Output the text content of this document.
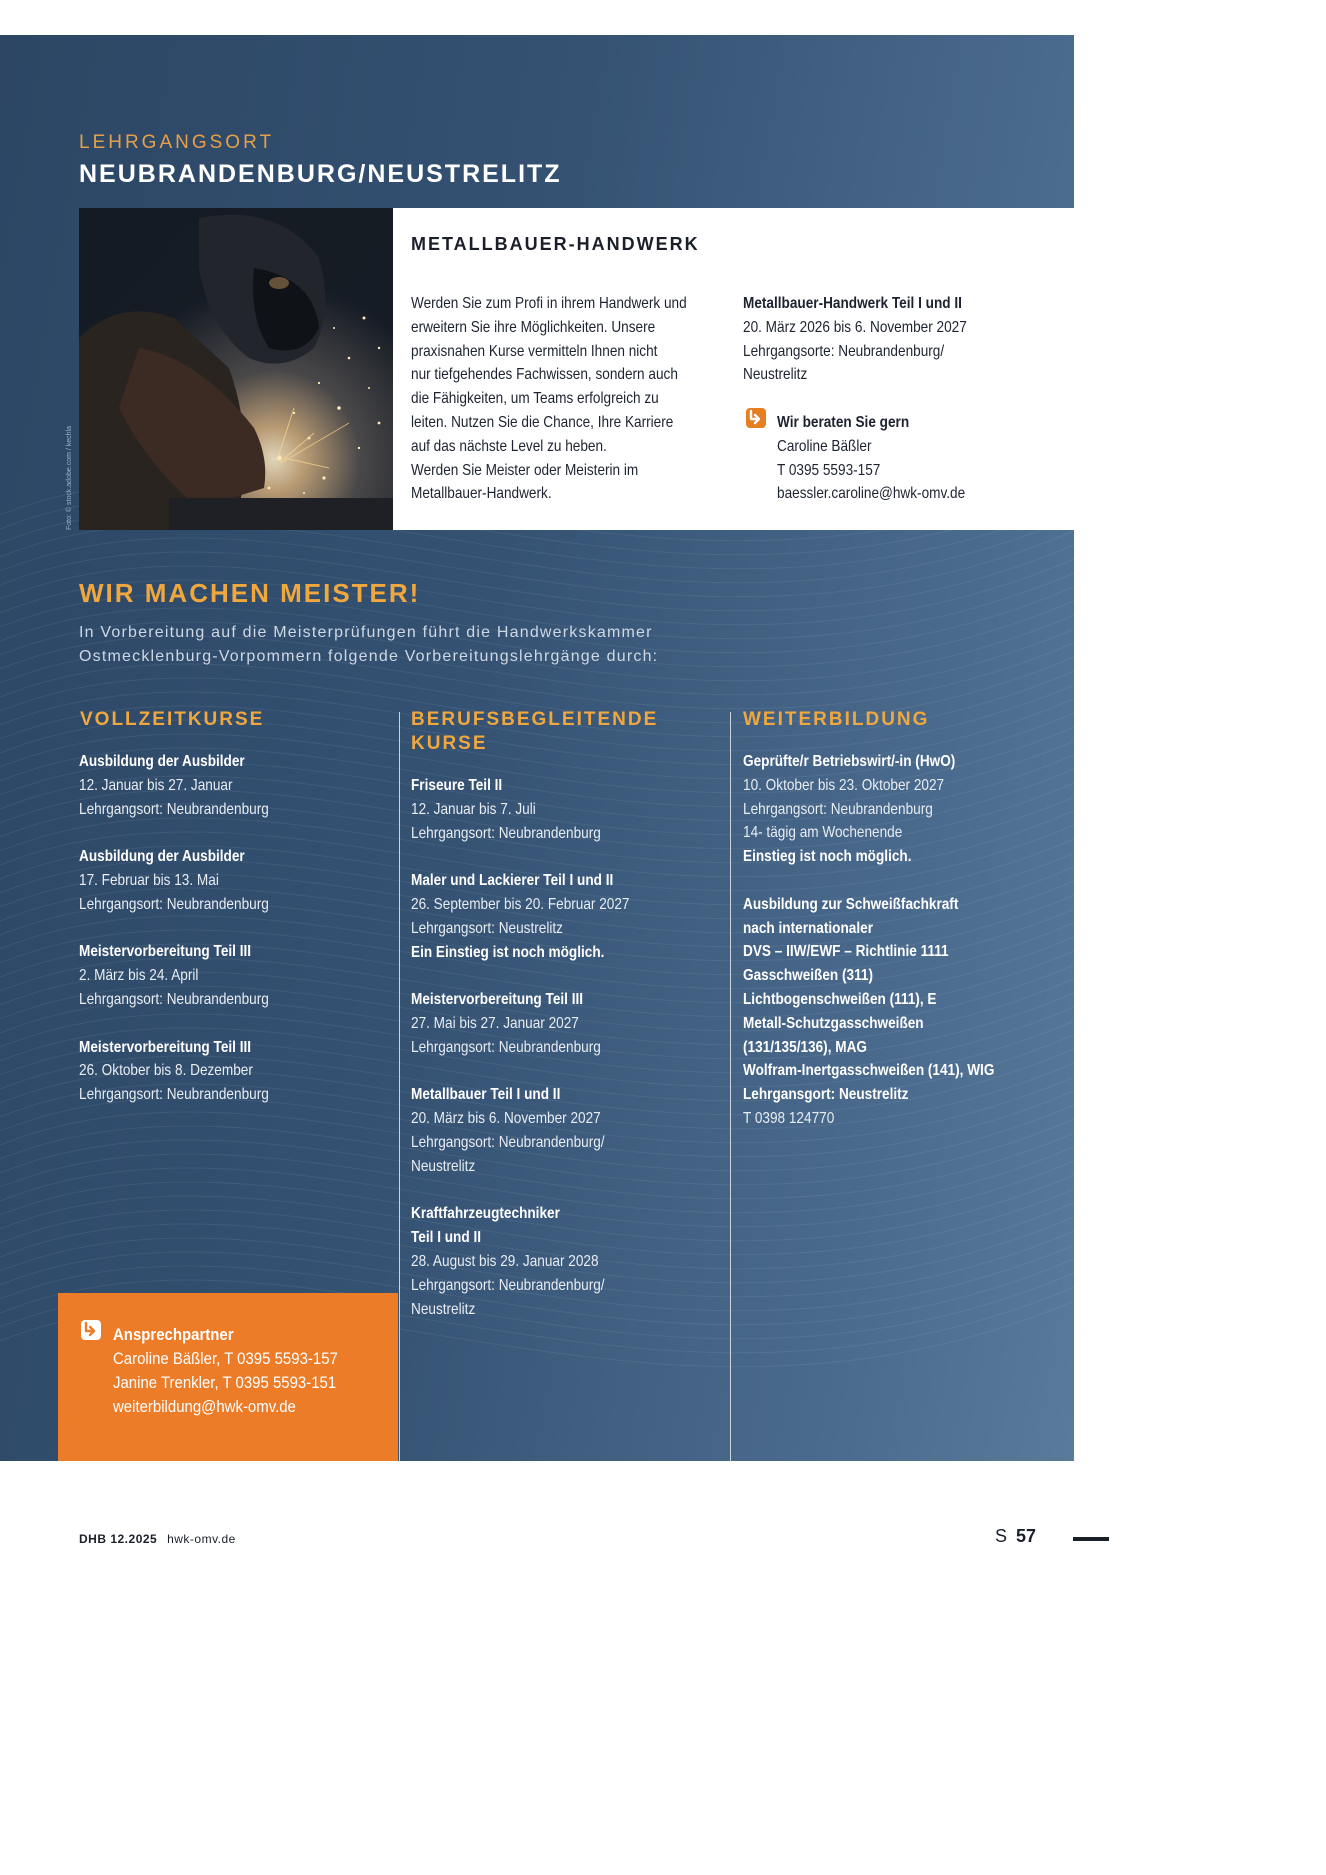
LEHRGANGSORT
NEUBRANDENBURG/NEUSTRELITZ
Foto: © stock.adobe.com / kechla
METALLBAUER-HANDWERK
Werden Sie zum Profi in ihrem Handwerk und
erweitern Sie ihre Möglichkeiten. Unsere
praxisnahen Kurse vermitteln Ihnen nicht
nur tiefgehendes Fachwissen, sondern auch
die Fähigkeiten, um Teams erfolgreich zu
leiten. Nutzen Sie die Chance, Ihre Karriere
auf das nächste Level zu heben.
Werden Sie Meister oder Meisterin im
Metallbauer-Handwerk.
Metallbauer-Handwerk Teil I und II
20. März 2026 bis 6. November 2027
Lehrgangsorte: Neubrandenburg/
Neustrelitz
Wir beraten Sie gern
Caroline Bäßler
T 0395 5593-157
baessler.caroline@hwk-omv.de
WIR MACHEN MEISTER!
In Vorbereitung auf die Meisterprüfungen führt die Handwerkskammer
Ostmecklenburg-Vorpommern folgende Vorbereitungslehrgänge durch:
VOLLZEITKURSE
Ausbildung der Ausbilder
12. Januar bis 27. Januar
Lehrgangsort: Neubrandenburg
Ausbildung der Ausbilder
17. Februar bis 13. Mai
Lehrgangsort: Neubrandenburg
Meistervorbereitung Teil III
2. März bis 24. April
Lehrgangsort: Neubrandenburg
Meistervorbereitung Teil III
26. Oktober bis 8. Dezember
Lehrgangsort: Neubrandenburg
BERUFSBEGLEITENDE
KURSE
Friseure Teil II
12. Januar bis 7. Juli
Lehrgangsort: Neubrandenburg
Maler und Lackierer Teil I und II
26. September bis 20. Februar 2027
Lehrgangsort: Neustrelitz
Ein Einstieg ist noch möglich.
Meistervorbereitung Teil III
27. Mai bis 27. Januar 2027
Lehrgangsort: Neubrandenburg
Metallbauer Teil I und II
20. März bis 6. November 2027
Lehrgangsort: Neubrandenburg/
Neustrelitz
Kraftfahrzeugtechniker
Teil I und II
28. August bis 29. Januar 2028
Lehrgangsort: Neubrandenburg/
Neustrelitz
WEITERBILDUNG
Geprüfte/r Betriebswirt/-in (HwO)
10. Oktober bis 23. Oktober 2027
Lehrgangsort: Neubrandenburg
14- tägig am Wochenende
Einstieg ist noch möglich.
Ausbildung zur Schweißfachkraft
nach internationaler
DVS – IIW/EWF – Richtlinie 1111
Gasschweißen (311)
Lichtbogenschweißen (111), E
Metall-Schutzgasschweißen
(131/135/136), MAG
Wolfram-Inertgasschweißen (141), WIG
Lehrgansgort: Neustrelitz
T 0398 124770
Ansprechpartner
Caroline Bäßler, T 0395 5593-157
Janine Trenkler, T 0395 5593-151
weiterbildung@hwk-omv.de
DHB 12.2025 hwk-omv.de	S 57
